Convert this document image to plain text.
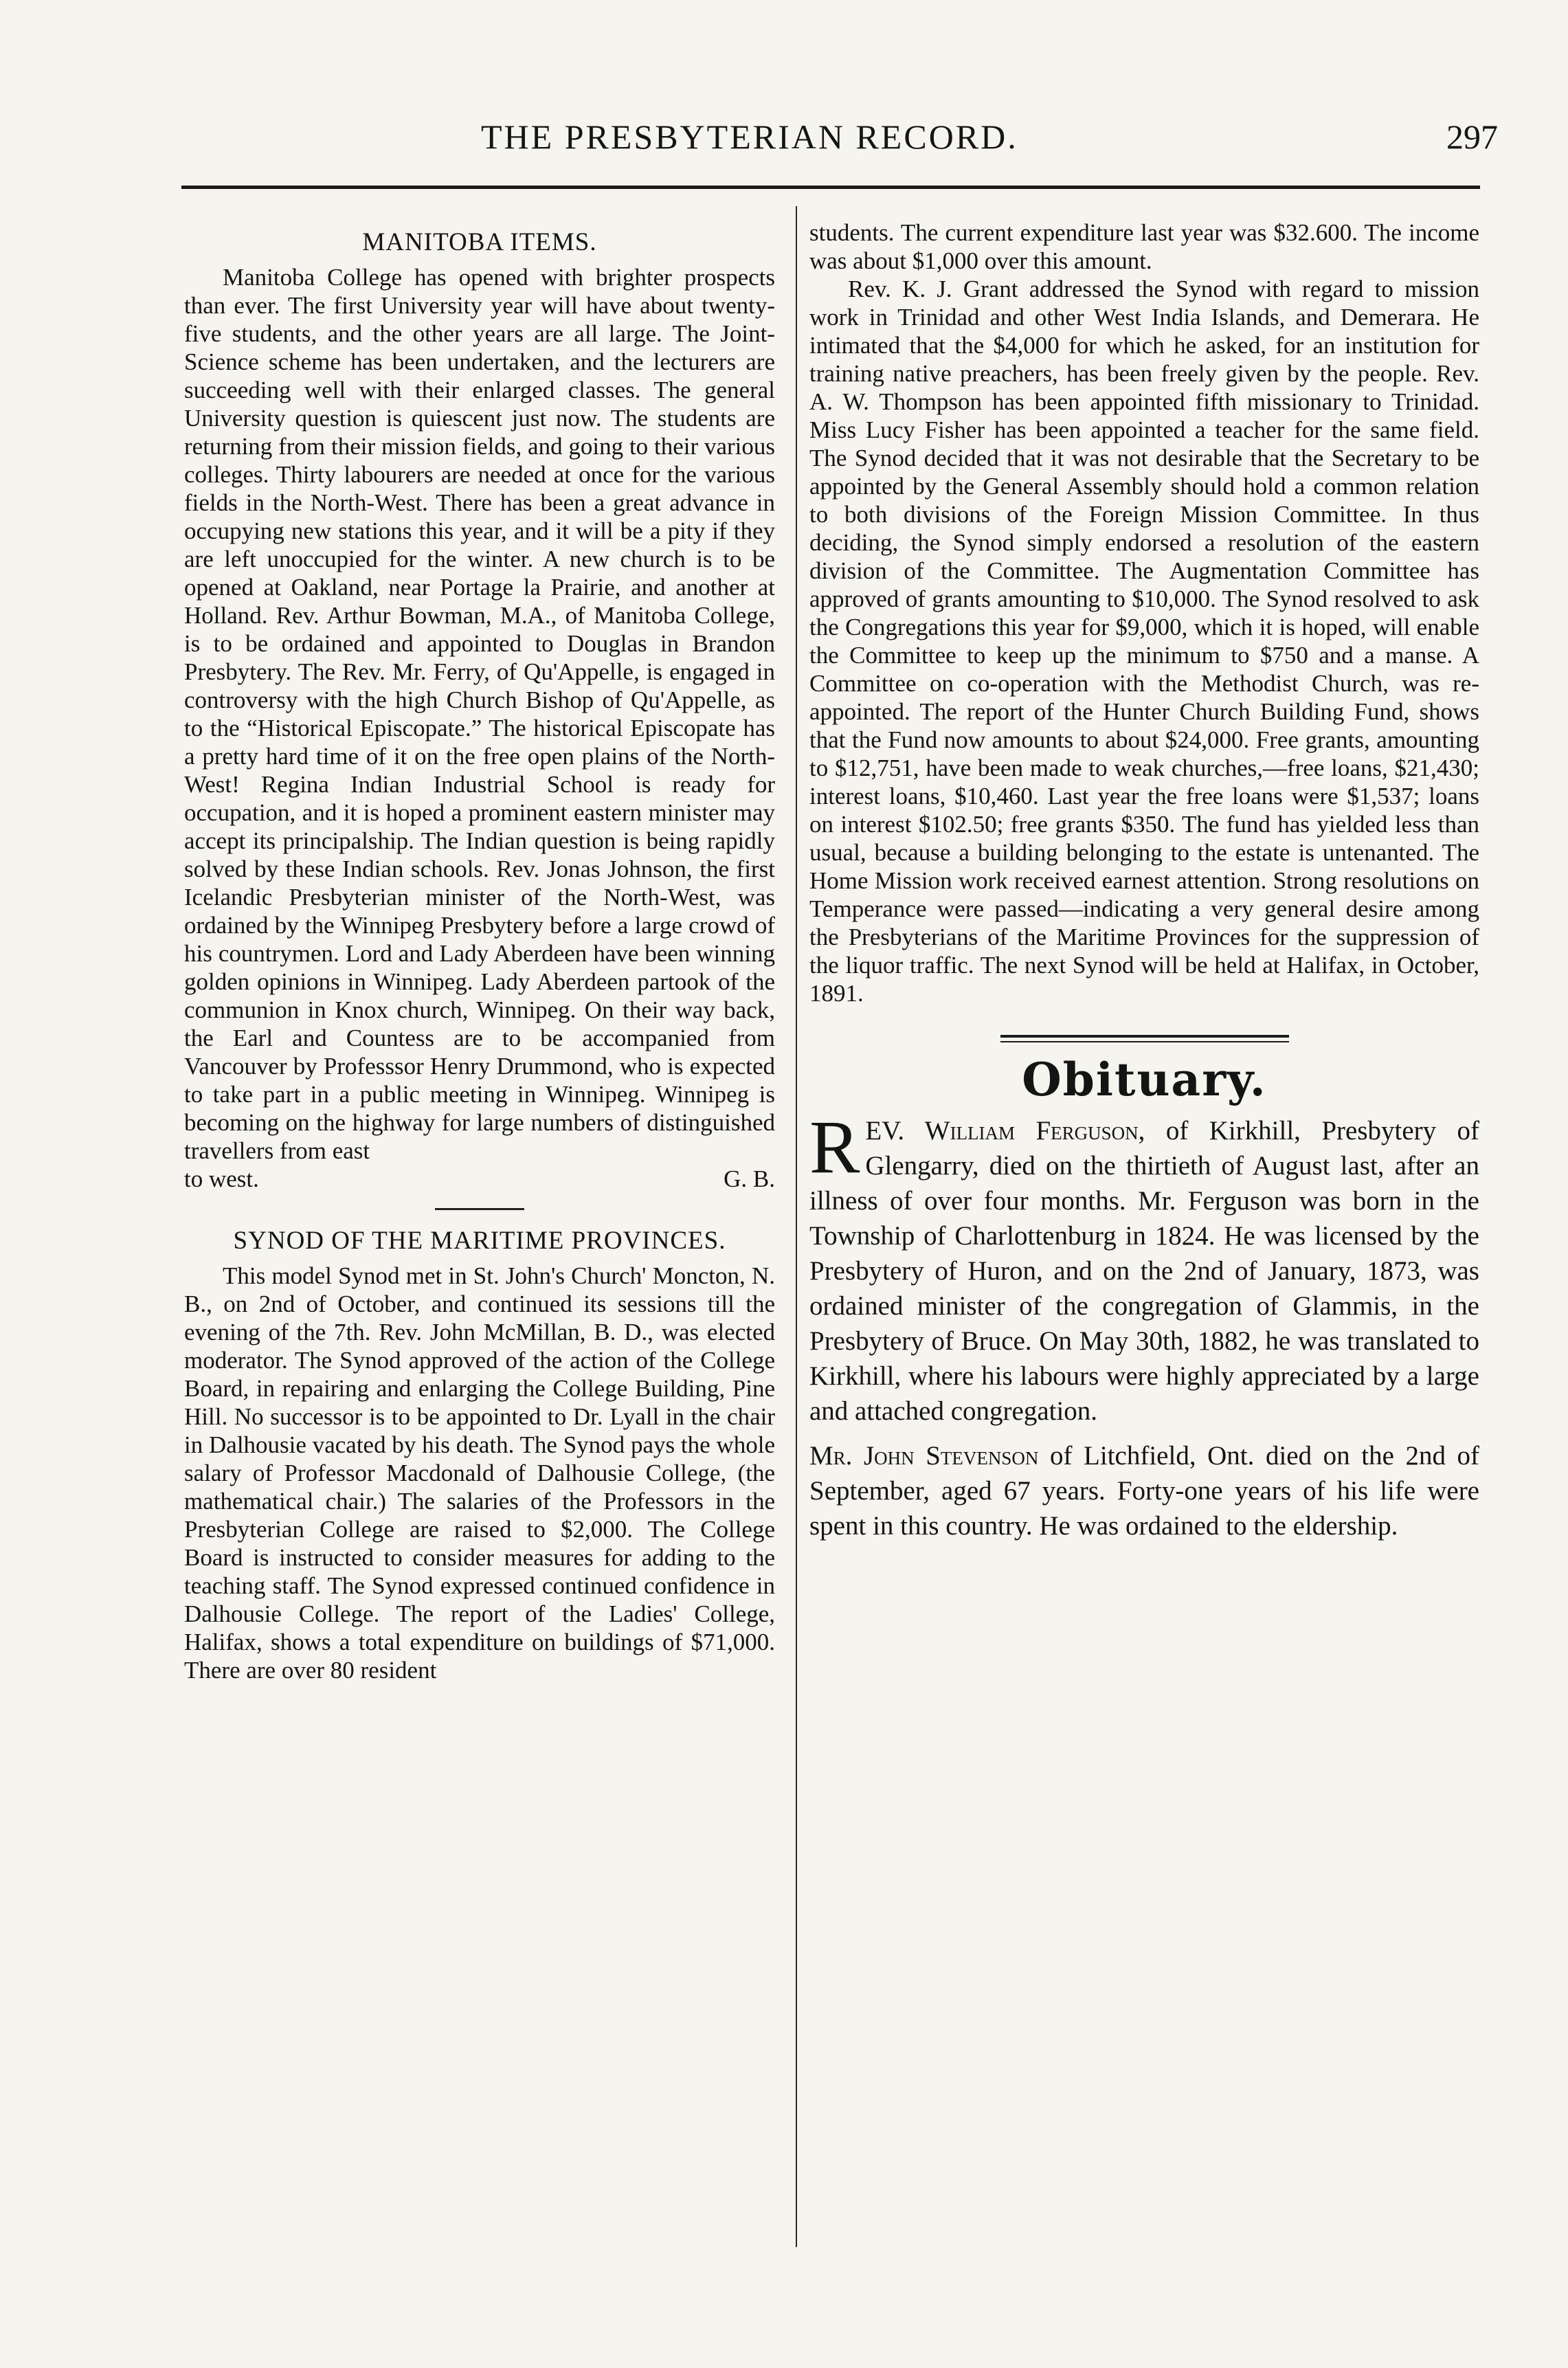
THE PRESBYTERIAN RECORD.	297
MANITOBA ITEMS.

Manitoba College has opened with brighter prospects than ever. The first University year will have about twenty-five students, and the other years are all large. The Joint-Science scheme has been undertaken, and the lecturers are succeeding well with their enlarged classes. The general University question is quiescent just now. The students are returning from their mission fields, and going to their various colleges. Thirty labourers are needed at once for the various fields in the North-West. There has been a great advance in occupying new stations this year, and it will be a pity if they are left unoccupied for the winter. A new church is to be opened at Oakland, near Portage la Prairie, and another at Holland. Rev. Arthur Bowman, M.A., of Manitoba College, is to be ordained and appointed to Douglas in Brandon Presbytery. The Rev. Mr. Ferry, of Qu'Appelle, is engaged in controversy with the high Church Bishop of Qu'Appelle, as to the “Historical Episcopate.” The historical Episcopate has a pretty hard time of it on the free open plains of the North-West! Regina Indian Industrial School is ready for occupation, and it is hoped a prominent eastern minister may accept its principalship. The Indian question is being rapidly solved by these Indian schools. Rev. Jonas Johnson, the first Icelandic Presbyterian minister of the North-West, was ordained by the Winnipeg Presbytery before a large crowd of his countrymen. Lord and Lady Aberdeen have been winning golden opinions in Winnipeg. Lady Aberdeen partook of the communion in Knox church, Winnipeg. On their way back, the Earl and Countess are to be accompanied from Vancouver by Professsor Henry Drummond, who is expected to take part in a public meeting in Winnipeg. Winnipeg is becoming on the highway for large numbers of distinguished travellers from east

to west.	G. B.
SYNOD OF THE MARITIME PROVINCES.

This model Synod met in St. John's Church' Moncton, N. B., on 2nd of October, and continued its sessions till the evening of the 7th. Rev. John McMillan, B. D., was elected moderator. The Synod approved of the action of the College Board, in repairing and enlarging the College Building, Pine Hill. No successor is to be appointed to Dr. Lyall in the chair in Dalhousie vacated by his death. The Synod pays the whole salary of Professor Macdonald of Dalhousie College, (the mathematical chair.) The salaries of the Professors in the Presbyterian College are raised to $2,000. The College Board is instructed to consider measures for adding to the teaching staff. The Synod expressed continued confidence in Dalhousie College. The report of the Ladies' College, Halifax, shows a total expenditure on buildings of $71,000. There are over 80 resident

students. The current expenditure last year was $32.600. The income was about $1,000 over this amount.

Rev. K. J. Grant addressed the Synod with regard to mission work in Trinidad and other West India Islands, and Demerara. He intimated that the $4,000 for which he asked, for an institution for training native preachers, has been freely given by the people. Rev. A. W. Thompson has been appointed fifth missionary to Trinidad. Miss Lucy Fisher has been appointed a teacher for the same field. The Synod decided that it was not desirable that the Secretary to be appointed by the General Assembly should hold a common relation to both divisions of the Foreign Mission Committee. In thus deciding, the Synod simply endorsed a resolution of the eastern division of the Committee. The Augmentation Committee has approved of grants amounting to $10,000. The Synod resolved to ask the Congregations this year for $9,000, which it is hoped, will enable the Committee to keep up the minimum to $750 and a manse. A Committee on co-operation with the Methodist Church, was re-appointed. The report of the Hunter Church Building Fund, shows that the Fund now amounts to about $24,000. Free grants, amounting to $12,751, have been made to weak churches,—free loans, $21,430; interest loans, $10,460. Last year the free loans were $1,537; loans on interest $102.50; free grants $350. The fund has yielded less than usual, because a building belonging to the estate is untenanted. The Home Mission work received earnest attention. Strong resolutions on Temperance were passed—indicating a very general desire among the Presbyterians of the Maritime Provinces for the suppression of the liquor traffic. The next Synod will be held at Halifax, in October, 1891.

Obituary.

R EV. William Ferguson, of Kirkhill, Presbytery of Glengarry, died on the thirtieth of August last, after an illness of over four months. Mr. Ferguson was born in the Township of Charlottenburg in 1824. He was licensed by the Presbytery of Huron, and on the 2nd of January, 1873, was ordained minister of the congregation of Glammis, in the Presbytery of Bruce. On May 30th, 1882, he was translated to Kirkhill, where his labours were highly appreciated by a large and attached congregation.

Mr. John Stevenson of Litchfield, Ont. died on the 2nd of September, aged 67 years. Forty-one years of his life were spent in this country. He was ordained to the eldership.
